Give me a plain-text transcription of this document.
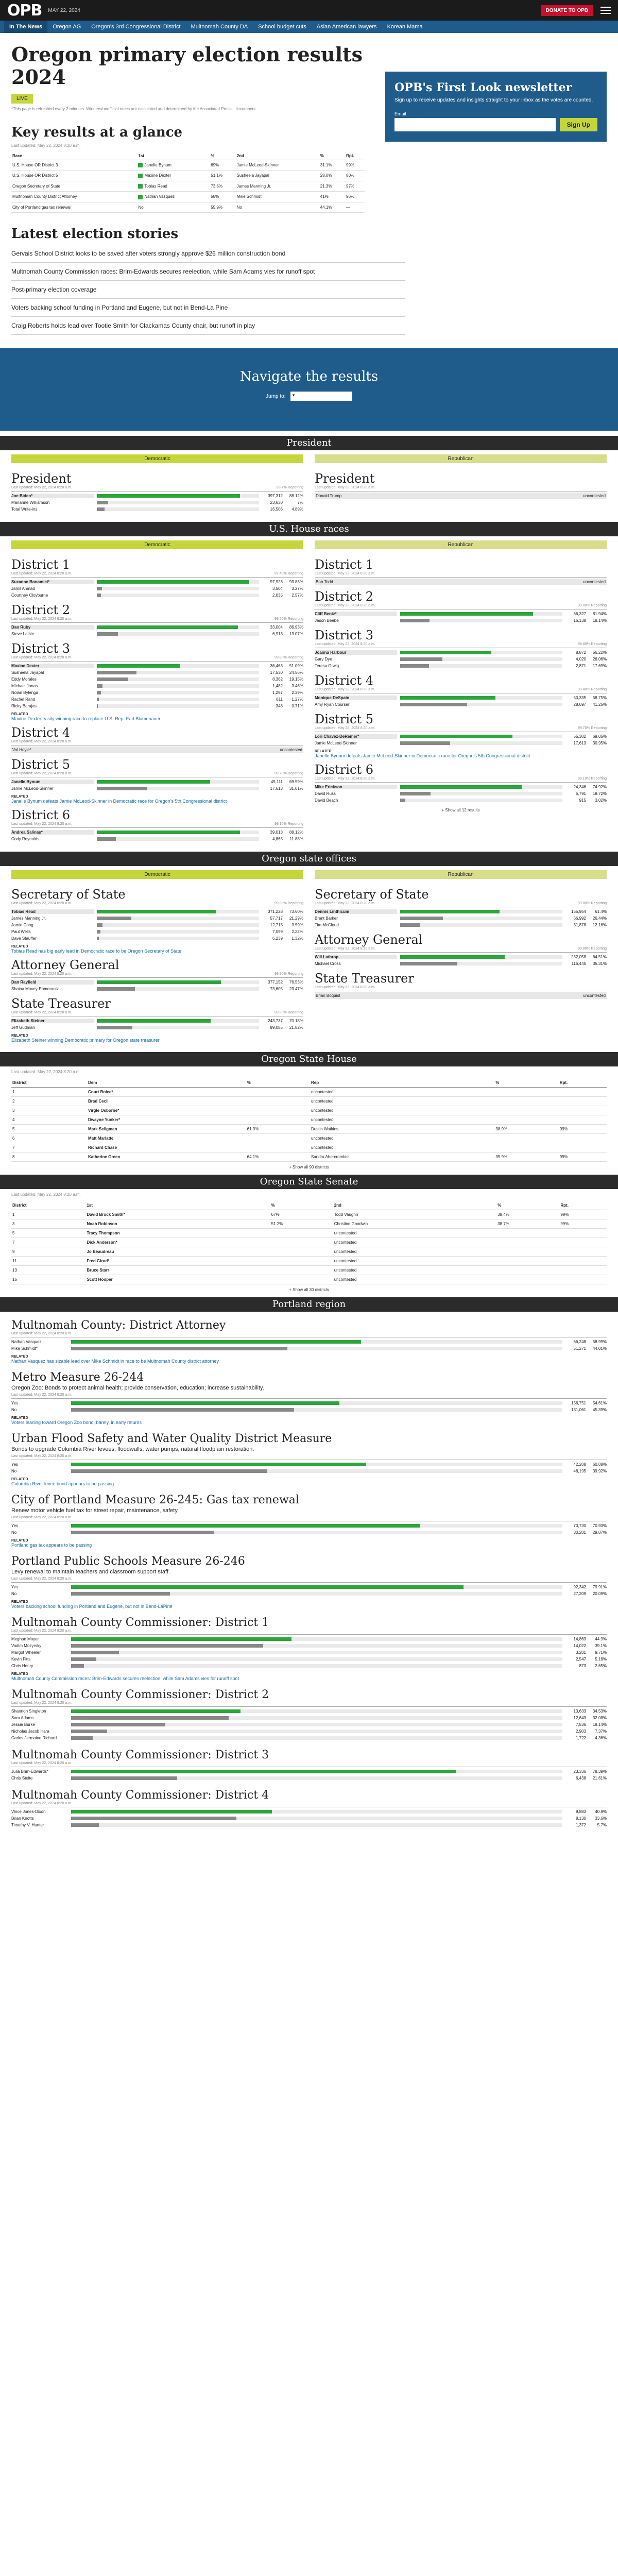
OPB MAY 22, 2024	DONATE TO OPB
In The News	Oregon AG	Oregon's 3rd Congressional District	Multnomah County DA	School budget cuts	Asian American lawyers	Korean Mama
Oregon primary election results 2024
LIVE
*This page is refreshed every 2 minutes. Winners/unofficial races are calculated and determined by the Associated Press. · Incumbent
Key results at a glance
Last updated: May 22, 2024 8:20 a.m.
Race	1st	%	2nd	%	Rpt.
U.S. House OR District 3	Janelle Bynum	69%	Jamie McLeod-Skinner	31.1%	99%
U.S. House OR District 5	Maxine Dexter	51.1%	Susheela Jayapal	28.0%	80%
Oregon Secretary of State	Tobias Read	73.6%	James Manning Jr.	21.3%	97%
Multnomah County District Attorney	Nathan Vasquez	58%	Mike Schmidt	41%	96%
City of Portland gas tax renewal	No	55.9%	No	44.1%	—
OPB's First Look newsletter

Sign up to receive updates and insights straight to your inbox as the votes are counted.

Email
Sign Up
Latest election stories
Gervais School District looks to be saved after voters strongly approve $26 million construction bond
Multnomah County Commission races: Brim-Edwards secures reelection, while Sam Adams vies for runoff spot
Post-primary election coverage
Voters backing school funding in Portland and Eugene, but not in Bend-La Pine
Craig Roberts holds lead over Tootie Smith for Clackamas County chair, but runoff in play
Navigate the results
Jump to: ▾
President
Democratic	Republican
President
Last updated: May 22, 2024 8:20 a.m.	93.7% Reporting
Joe Biden*	397,312	88.12%
Marianne Williamson	23,630	7%
Total Write-ins	16,506	4.89%
President
Last updated: May 22, 2024 8:20 a.m.
Donald Trump	uncontested
U.S. House races
Democratic	Republican
District 1
Last updated: May 22, 2024 8:20 a.m.	97.40% Reporting
Suzanne Bonamici*	97,923	93.83%
Jamil Ahmad	3,504	3.27%
Courtney Cloyburne	2,635	2.57%
District 2
Last updated: May 22, 2024 8:20 a.m.	99.20% Reporting
Dan Ruby	33,004	86.93%
Steve Laible	6,913	13.07%
District 3
Last updated: May 22, 2024 8:20 a.m.	99.80% Reporting
Maxine Dexter	36,463	51.09%
Susheela Jayapal	17,530	24.56%
Eddy Morales	8,362	19.15%
Michael Jonas	1,482	3.46%
Nolan Bylenga	1,297	2.39%
Rachel Rand	811	1.27%
Ricky Barajas	348	0.71%
RELATED
Maxine Dexter easily winning race to replace U.S. Rep. Earl Blumenauer
District 4
Last updated: May 22, 2024 8:20 a.m.
Val Hoyle*	uncontested
District 5
Last updated: May 22, 2024 8:20 a.m.	99.70% Reporting
Janelle Bynum	49,111	69.99%
Jamie McLeod-Skinner	17,613	31.01%
RELATED
Janelle Bynum defeats Jamie McLeod-Skinner in Democratic race for Oregon's 5th Congressional district
District 6
Last updated: May 22, 2024 8:20 a.m.	99.10% Reporting
Andrea Salinas*	39,013	88.12%
Cody Reynolds	4,865	11.88%
District 1
Last updated: May 22, 2024 8:20 a.m.
Bob Todd	uncontested
District 2
Last updated: May 22, 2024 8:20 a.m.	99.00% Reporting
Cliff Bentz*	66,327	81.94%
Jason Beebe	16,138	18.14%
District 3
Last updated: May 22, 2024 8:20 a.m.	99.80% Reporting
Joanna Harbour	8,872	56.22%
Gary Dye	4,020	26.06%
Teresa Orwig	2,871	17.69%
District 4
Last updated: May 22, 2024 8:20 a.m.	99.40% Reporting
Monique DeSpain	50,335	58.75%
Amy Ryan Courser	28,697	41.25%
District 5
Last updated: May 22, 2024 8:20 a.m.	99.70% Reporting
Lori Chavez-DeRemer*	55,302	69.05%
Jamie McLeod-Skinner	17,613	30.95%
RELATED
Janelle Bynum defeats Jamie McLeod-Skinner in Democratic race for Oregon's 5th Congressional district
District 6
Last updated: May 22, 2024 8:20 a.m.	99.10% Reporting
Mike Erickson	24,346	74.92%
David Russ	5,791	18.72%
David Beach	915	3.02%
+ Show all 12 results
Oregon state offices
Democratic	Republican
Secretary of State
Last updated: May 22, 2024 8:20 a.m.	99.80% Reporting
Tobias Read	371,228	73.60%
James Manning Jr.	57,717	21.29%
Jamie Cong	12,715	3.59%
Paul Wells	7,099	2.22%
Dave Stauffer	6,239	1.32%
RELATED
Tobias Read has big early lead in Democratic race to be Oregon Secretary of State
Attorney General
Last updated: May 22, 2024 8:20 a.m.	99.80% Reporting
Dan Rayfield	377,152	76.53%
Shaina Maxey-Pomerantz	73,605	23.47%
State Treasurer
Last updated: May 22, 2024 8:20 a.m.	99.80% Reporting
Elizabeth Steiner	243,737	70.18%
Jeff Gudman	99,085	21.82%
RELATED
Elizabeth Steiner winning Democratic primary for Oregon state treasurer
Secretary of State
Last updated: May 22, 2024 8:20 a.m.	99.80% Reporting
Dennis Linthicum	155,954	61.4%
Brent Barker	66,992	26.44%
Tim McCloud	31,878	12.16%
Attorney General
Last updated: May 22, 2024 8:20 a.m.	99.80% Reporting
Will Lathrop	232,058	64.51%
Michael Cross	116,445	35.31%
State Treasurer
Last updated: May 22, 2024 8:20 a.m.
Brian Boquist	uncontested
Oregon State House
Last updated: May 22, 2024 8:20 a.m.
District	Dem	%	Rep	%	Rpt.
1	Court Boice*		uncontested		
2	Brad Cecil		uncontested		
3	Virgle Osborne*		uncontested		
4	Dwayne Yunker*		uncontested		
5	Mark Seligman	61.3%	Dustin Watkins	38.9%	99%
6	Matt Marlatte		uncontested		
7	Richard Chase		uncontested		
8	Katherine Green	64.1%	Sandra Abercrombie	35.9%	99%
+ Show all 90 districts
Oregon State Senate
Last updated: May 22, 2024 8:20 a.m.
District	1st	%	2nd	%	Rpt.
1	David Brock Smith*	67%	Todd Vaughn	38.4%	99%
3	Noah Robinson	51.2%	Christine Goodwin	38.7%	99%
5	Tracy Thompson		uncontested		
7	Dick Anderson*		uncontested		
9	Jo Beaudreau		uncontested		
11	Fred Girod*		uncontested		
13	Bruce Starr		uncontested		
15	Scott Hooper		uncontested		
+ Show all 30 districts
Portland region
Multnomah County: District Attorney
Last updated: May 22, 2024 8:20 a.m.
Nathan Vasquez	66,248	58.99%
Mike Schmidt*	51,271	44.01%
RELATED
Nathan Vasquez has sizable lead over Mike Schmidt in race to be Multnomah County district attorney
Metro Measure 26-244
Oregon Zoo: Bonds to protect animal health; provide conservation, education; increase sustainability.
Last updated: May 22, 2024 8:20 a.m.
Yes	156,751	54.61%
No	131,061	45.39%
RELATED
Voters leaning toward Oregon Zoo bond, barely, in early returns
Urban Flood Safety and Water Quality District Measure
Bonds to upgrade Columbia River levees, floodwalls, water pumps, natural floodplain restoration.
Last updated: May 22, 2024 8:20 a.m.
Yes	42,208	60.08%
No	48,195	39.92%
RELATED
Columbia River levee bond appears to be passing
City of Portland Measure 26-245: Gas tax renewal
Renew motor vehicle fuel tax for street repair, maintenance, safety.
Last updated: May 22, 2024 8:20 a.m.
Yes	73,730	70.93%
No	30,201	29.07%
RELATED
Portland gas tax appears to be passing
Portland Public Schools Measure 26-246
Levy renewal to maintain teachers and classroom support staff.
Last updated: May 22, 2024 8:20 a.m.
Yes	92,342	79.91%
No	27,209	20.09%
RELATED
Voters backing school funding in Portland and Eugene, but not in Bend-LaPine
Multnomah County Commissioner: District 1
Last updated: May 22, 2024 8:20 a.m.
Meghan Moyer	14,863	44.9%
Vadim Mozyrsky	14,022	39.1%
Margot Wheeler	3,201	9.71%
Kevin Fitts	2,547	5.18%
Chris Henry	873	2.65%
RELATED
Multnomah County Commission races: Brim-Edwards secures reelection, while Sam Adams vies for runoff spot
Multnomah County Commissioner: District 2
Last updated: May 22, 2024 8:20 a.m.
Shannon Singleton	13,633	34.53%
Sam Adams	12,643	32.08%
Jessie Burke	7,536	19.14%
Nicholas Jacob Hara	2,903	7.37%
Carlos Jermaine Richard	1,722	4.36%
Multnomah County Commissioner: District 3
Last updated: May 22, 2024 8:20 a.m.
Julia Brim-Edwards*	23,336	78.39%
Chris Stolte	6,438	21.61%
Multnomah County Commissioner: District 4
Last updated: May 22, 2024 8:20 a.m.
Vince Jones-Dixon	9,883	40.9%
Brian Knotts	8,130	33.6%
Timothy V. Hunter	1,372	5.7%
